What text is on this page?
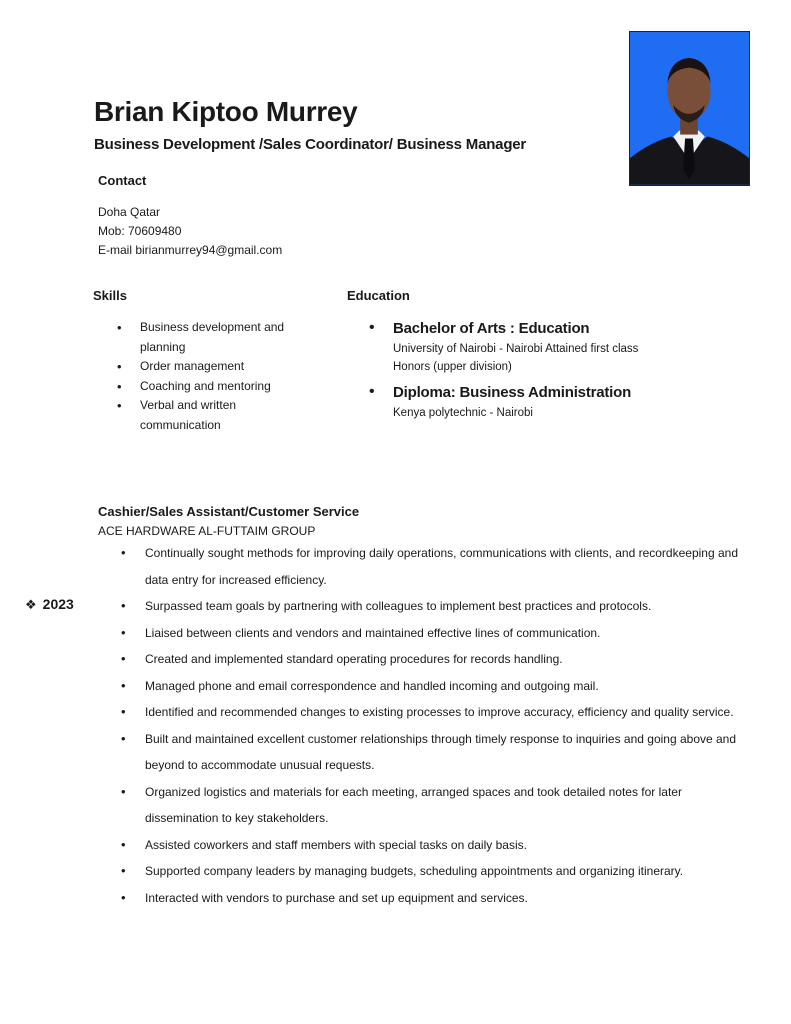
Brian Kiptoo Murrey
Business Development /Sales Coordinator/ Business Manager
Contact
Doha Qatar
Mob: 70609480
E-mail birianmurrey94@gmail.com
Skills
• Business development and planning
• Order management
• Coaching and mentoring
• Verbal and written communication
Education
• Bachelor of Arts : Education
University of Nairobi - Nairobi Attained first class Honors (upper division)
• Diploma: Business Administration
Kenya polytechnic - Nairobi
Cashier/Sales Assistant/Customer Service
ACE HARDWARE AL-FUTTAIM GROUP
❖ 2023
• Continually sought methods for improving daily operations, communications with clients, and recordkeeping and data entry for increased efficiency.
• Surpassed team goals by partnering with colleagues to implement best practices and protocols.
• Liaised between clients and vendors and maintained effective lines of communication.
• Created and implemented standard operating procedures for records handling.
• Managed phone and email correspondence and handled incoming and outgoing mail.
• Identified and recommended changes to existing processes to improve accuracy, efficiency and quality service.
• Built and maintained excellent customer relationships through timely response to inquiries and going above and beyond to accommodate unusual requests.
• Organized logistics and materials for each meeting, arranged spaces and took detailed notes for later dissemination to key stakeholders.
• Assisted coworkers and staff members with special tasks on daily basis.
• Supported company leaders by managing budgets, scheduling appointments and organizing itinerary.
• Interacted with vendors to purchase and set up equipment and services.
